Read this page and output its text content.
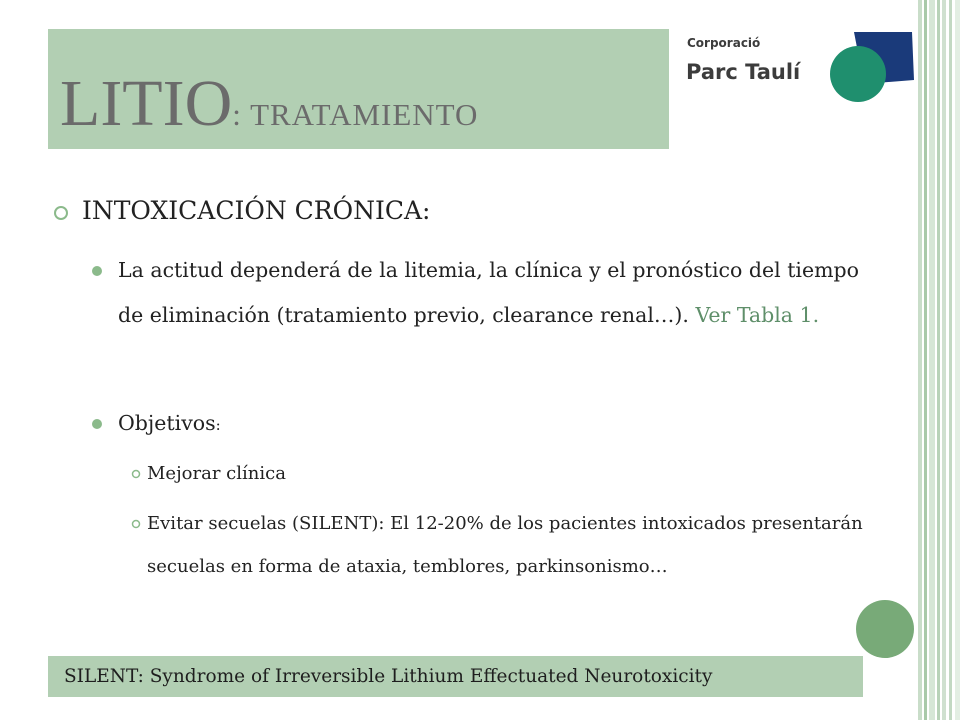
LITIO: TRATAMIENTO
Corporació
Parc Taulí
INTOXICACIÓN CRÓNICA:
La actitud dependerá de la litemia, la clínica y el pronóstico del tiempo de eliminación (tratamiento previo, clearance renal…). Ver Tabla 1.
Objetivos:
Mejorar clínica
Evitar secuelas (SILENT): El 12-20% de los pacientes intoxicados presentarán secuelas en forma de ataxia, temblores, parkinsonismo…
SILENT: Syndrome of Irreversible Lithium Effectuated Neurotoxicity
